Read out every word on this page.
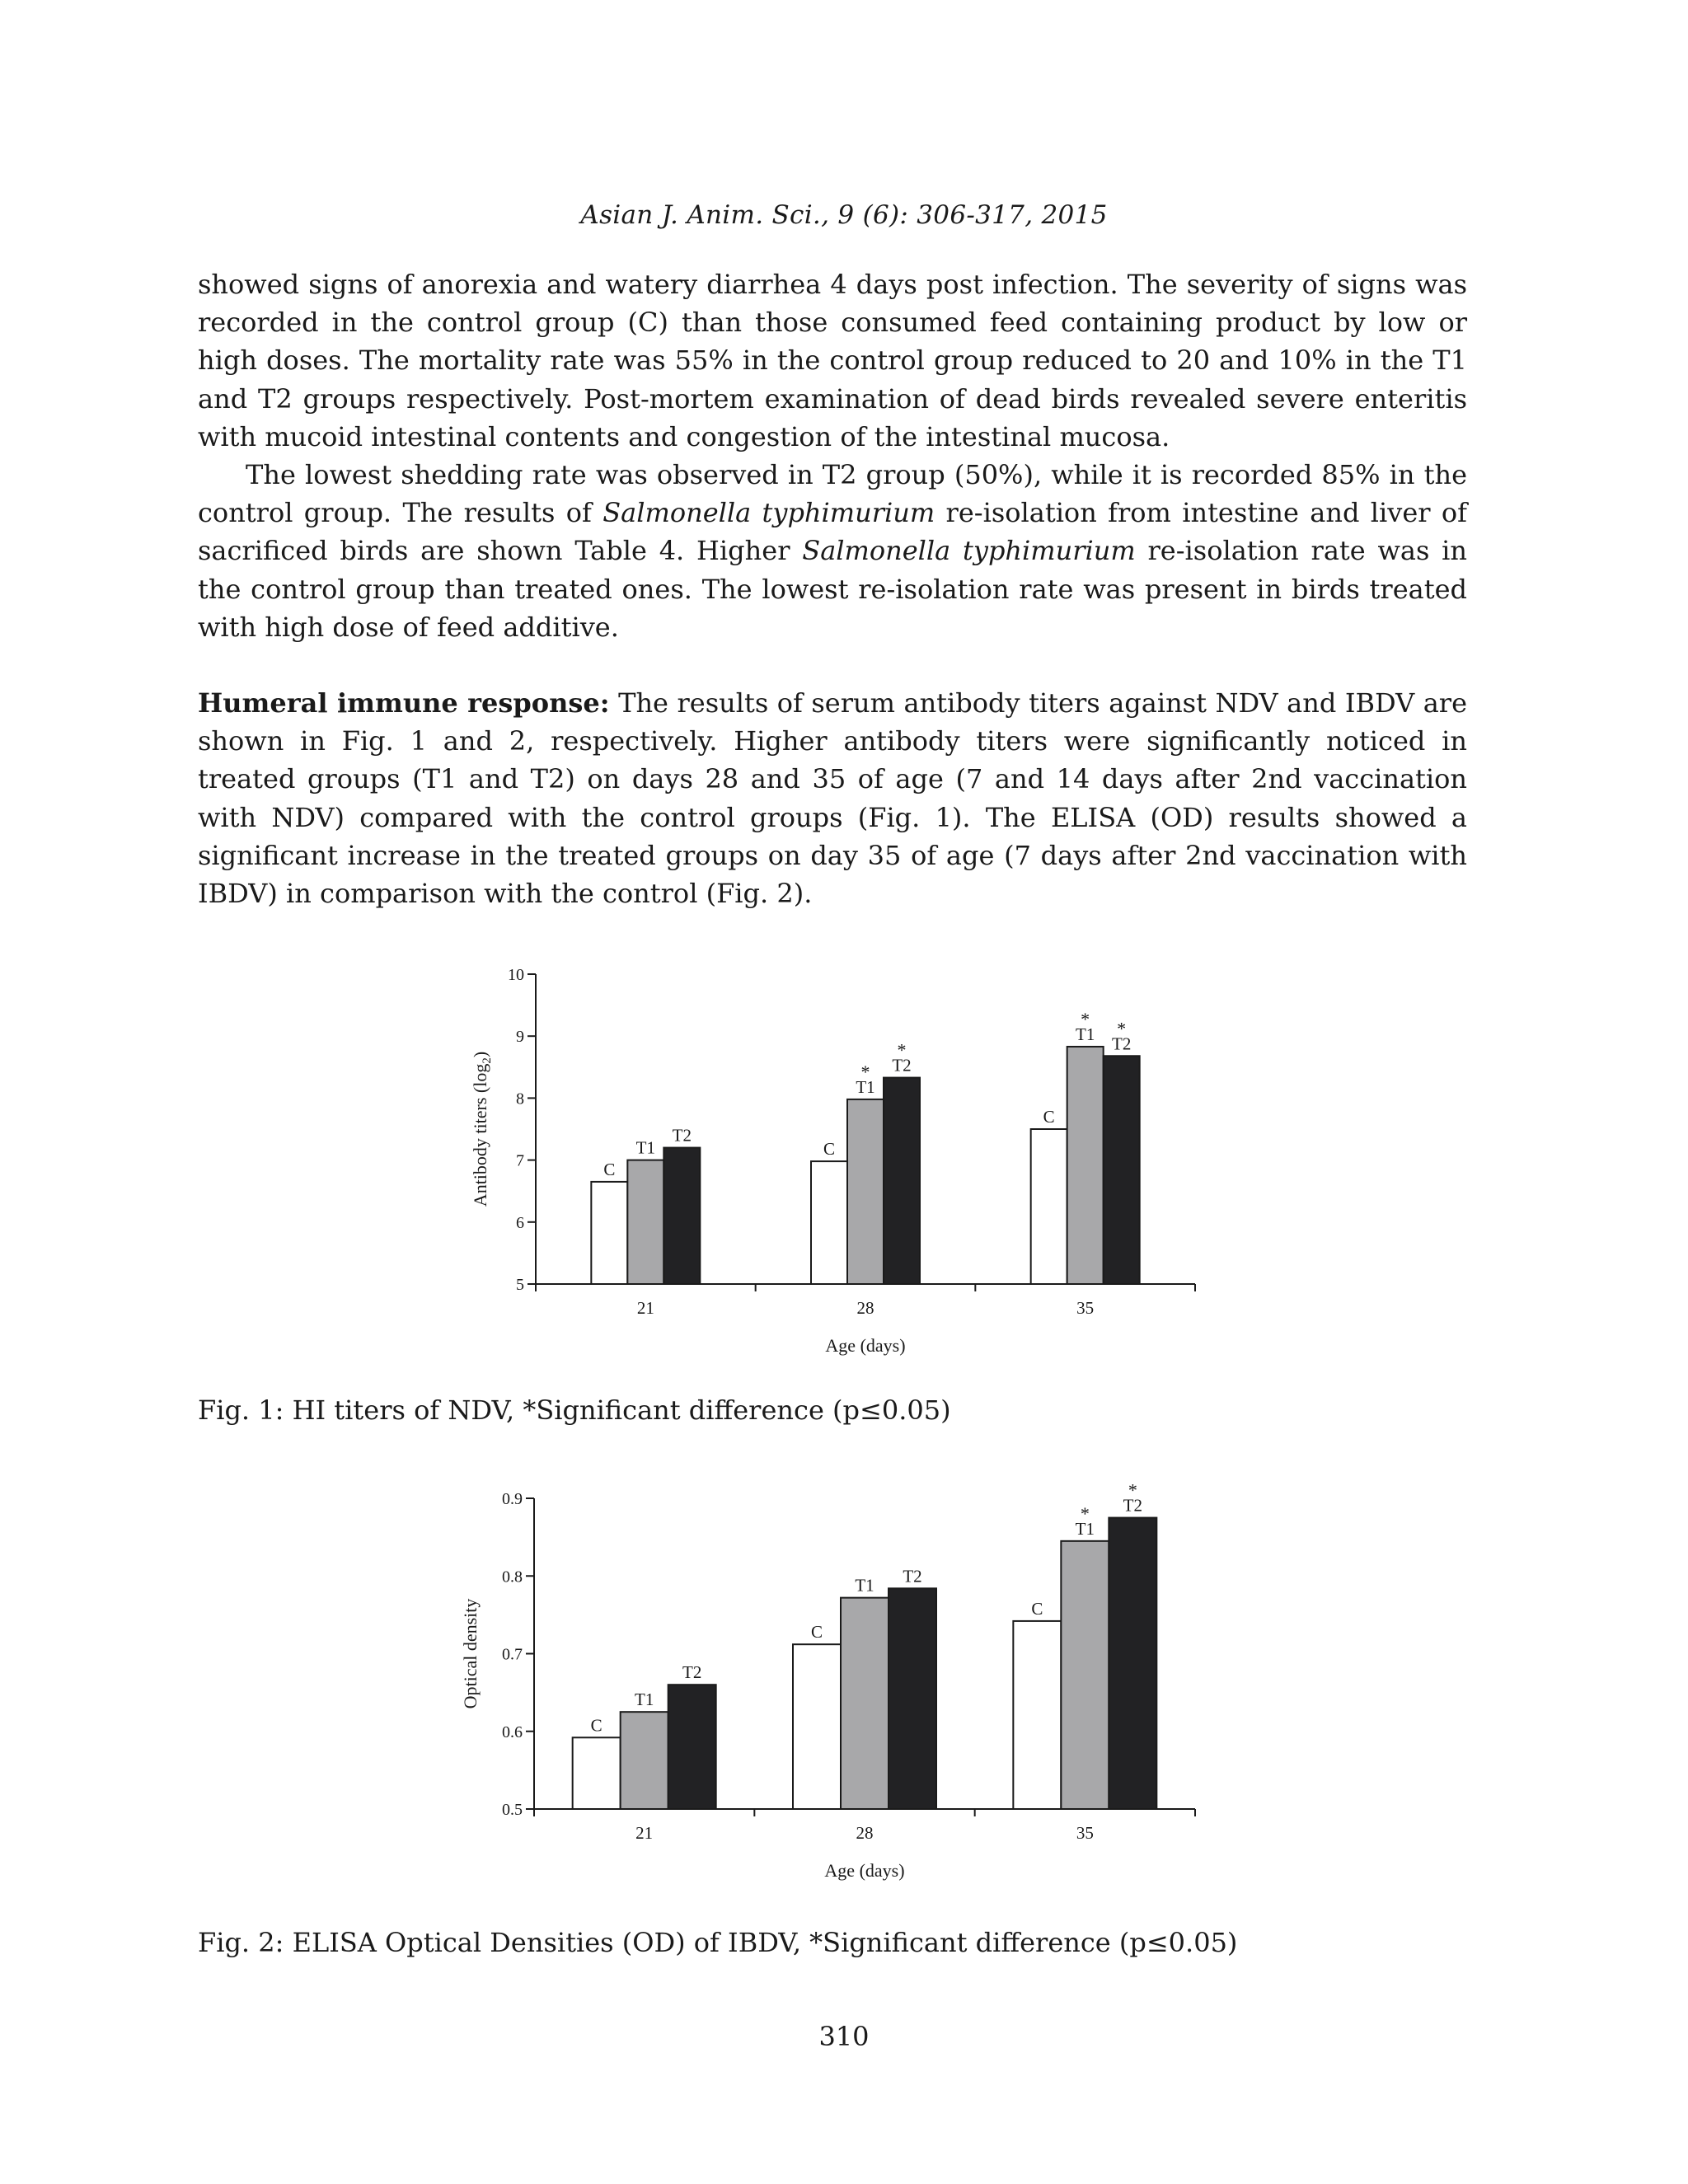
Asian J. Anim. Sci., 9 (6): 306-317, 2015

showed signs of anorexia and watery diarrhea 4 days post infection. The severity of signs was recorded in the control group (C) than those consumed feed containing product by low or high doses. The mortality rate was 55% in the control group reduced to 20 and 10% in the T1 and T2 groups respectively. Post-mortem examination of dead birds revealed severe enteritis with mucoid intestinal contents and congestion of the intestinal mucosa.

The lowest shedding rate was observed in T2 group (50%), while it is recorded 85% in the control group. The results of Salmonella typhimurium re-isolation from intestine and liver of sacrificed birds are shown Table 4. Higher Salmonella typhimurium re-isolation rate was in the control group than treated ones. The lowest re-isolation rate was present in birds treated with high dose of feed additive.

Humeral immune response: The results of serum antibody titers against NDV and IBDV are shown in Fig. 1 and 2, respectively. Higher antibody titers were significantly noticed in treated groups (T1 and T2) on days 28 and 35 of age (7 and 14 days after 2nd vaccination with NDV) compared with the control groups (Fig. 1). The ELISA (OD) results showed a significant increase in the treated groups on day 35 of age (7 days after 2nd vaccination with IBDV) in comparison with the control (Fig. 2).

5
6
7
8
9
10
21
C
T1
T2
28
C
T1
* T2
*
35
C
T1
*
T2
*
Age (days)
Antibody titers $(\log_2)$
Fig. 1: HI titers of NDV, *Significant difference (p≤0.05)
0.5
0.6
0.7
0.8
0.9
21
C
T1
T2
28
C
T1 T2
35
C
T1
* T2
*
Age (days)
Optical density
Fig. 2: ELISA Optical Densities (OD) of IBDV, *Significant difference (p≤0.05)
310
